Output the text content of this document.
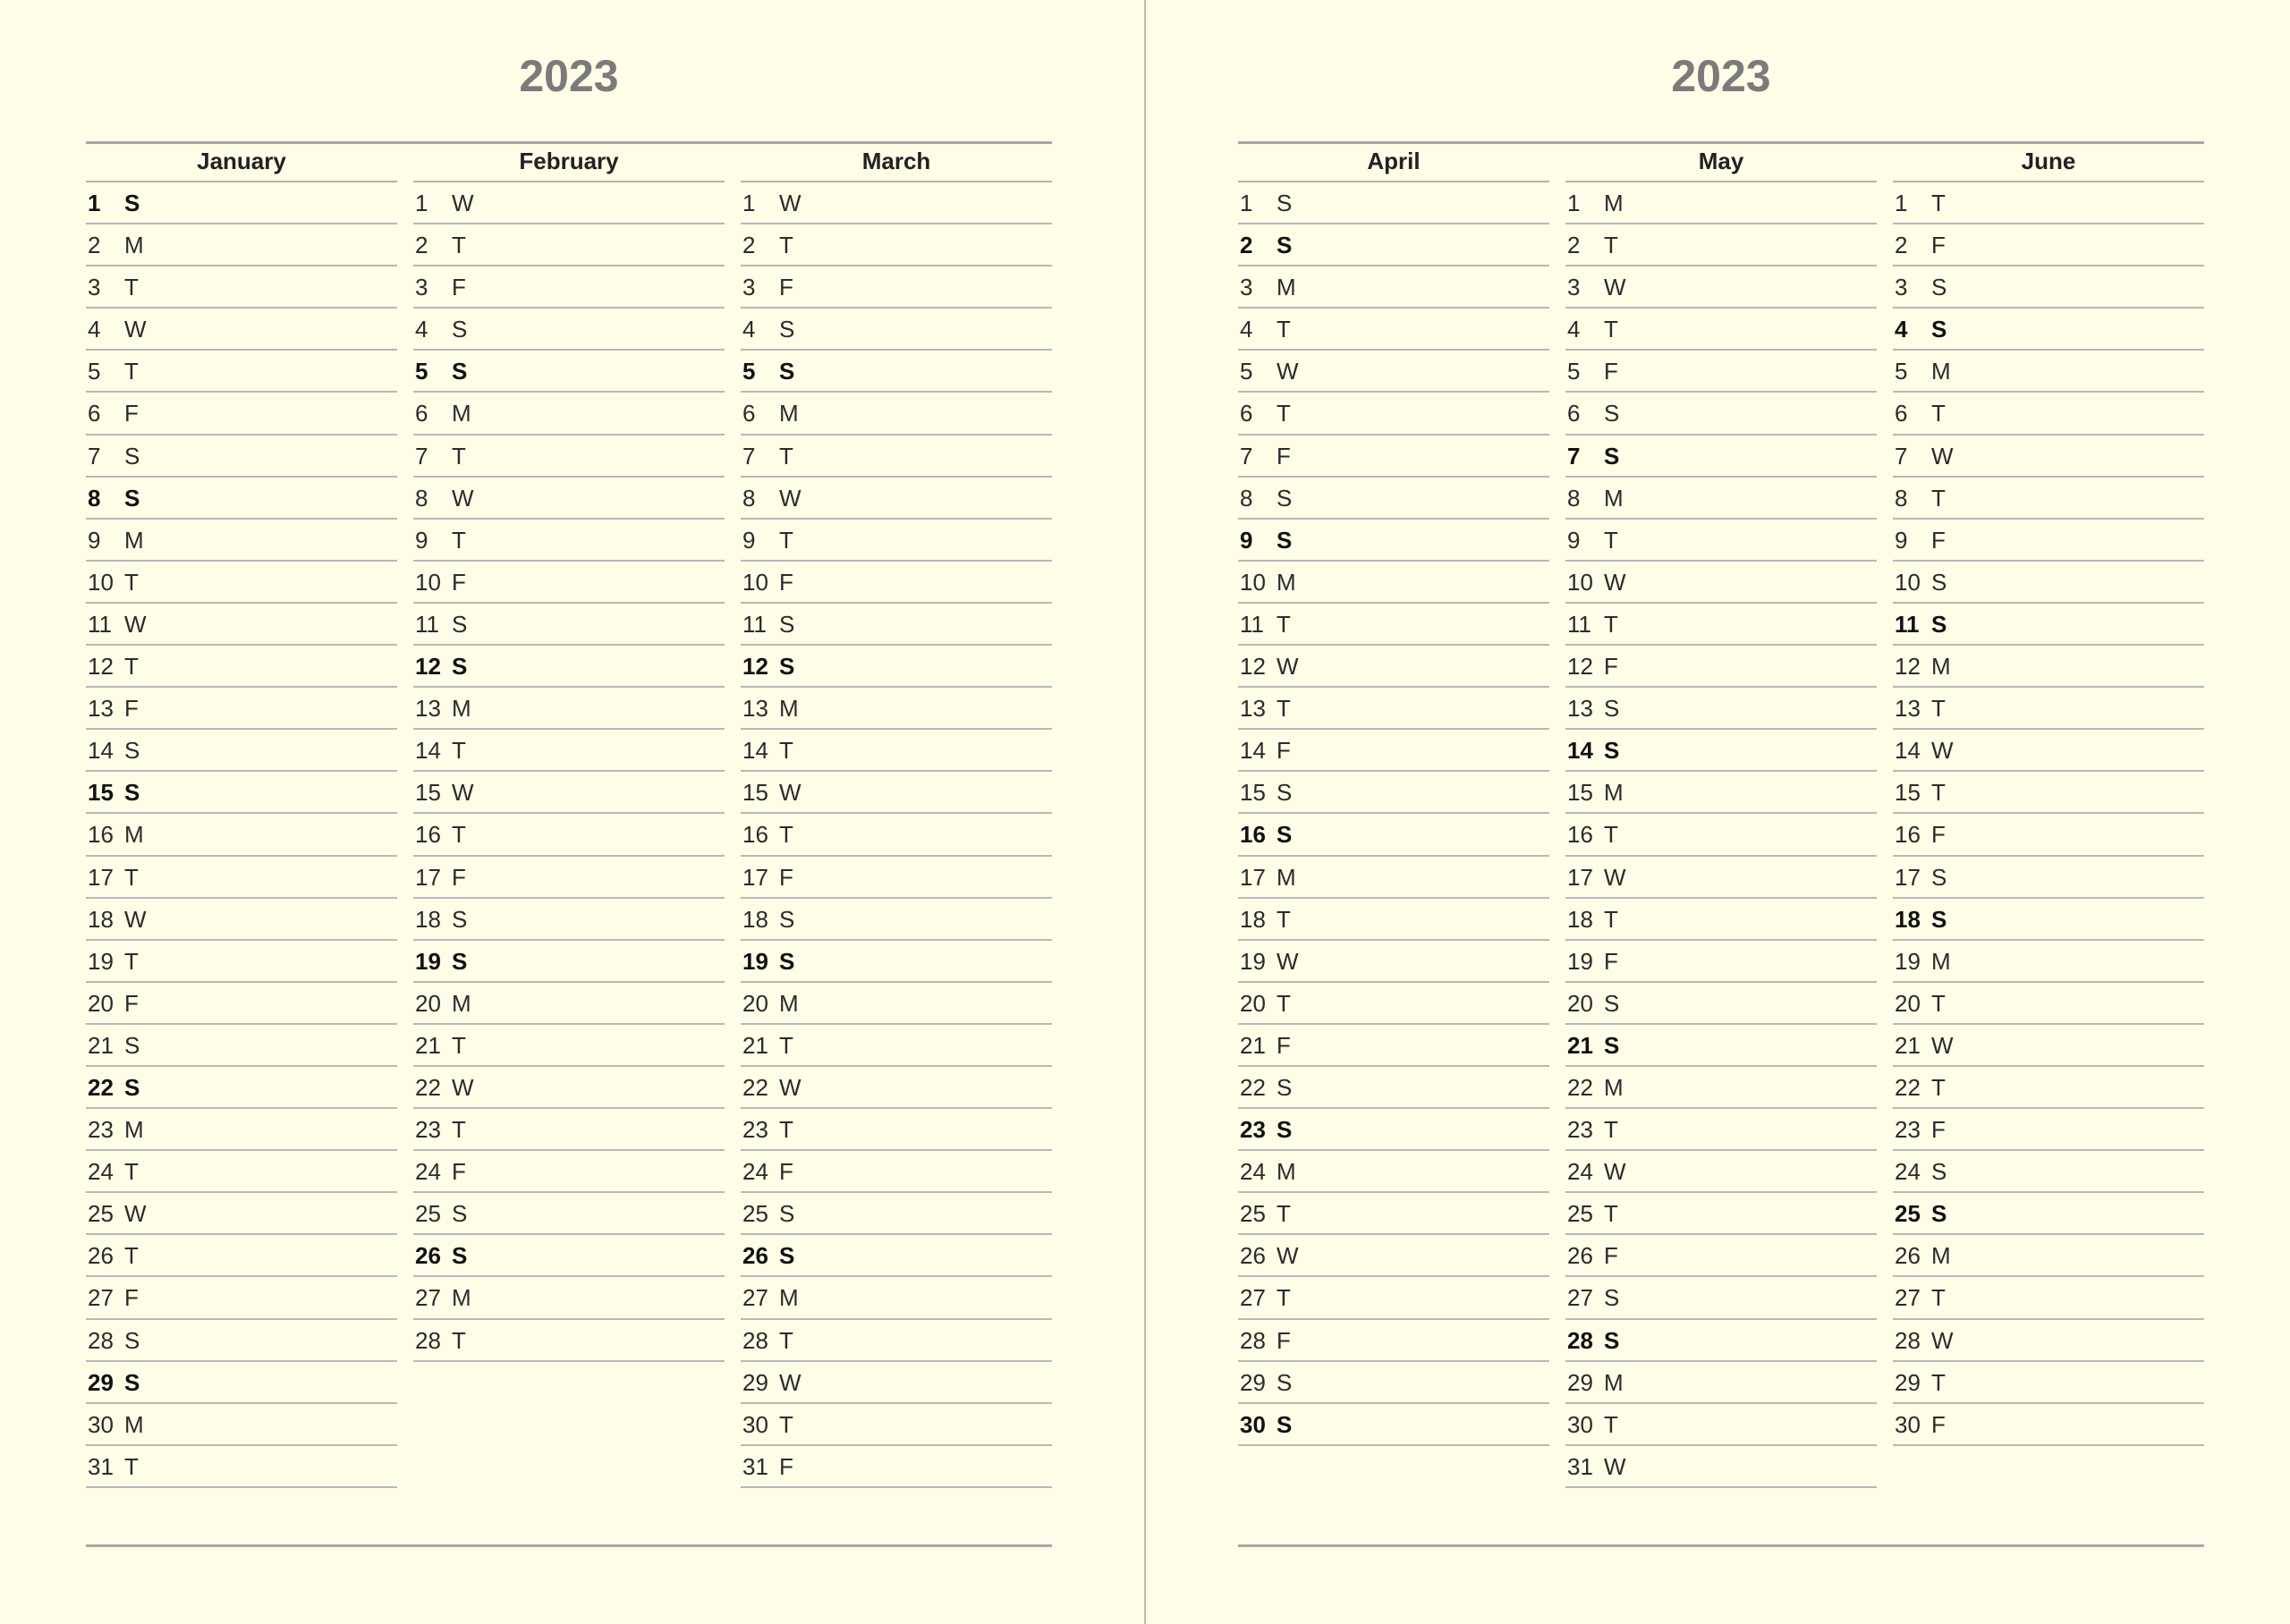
2023
January
1 S
2 M
3 T
4 W
5 T
6 F
7 S
8 S
9 M
10 T
11 W
12 T
13 F
14 S
15 S
16 M
17 T
18 W
19 T
20 F
21 S
22 S
23 M
24 T
25 W
26 T
27 F
28 S
29 S
30 M
31 T
February
1 W
2 T
3 F
4 S
5 S
6 M
7 T
8 W
9 T
10 F
11 S
12 S
13 M
14 T
15 W
16 T
17 F
18 S
19 S
20 M
21 T
22 W
23 T
24 F
25 S
26 S
27 M
28 T
March
1 W
2 T
3 F
4 S
5 S
6 M
7 T
8 W
9 T
10 F
11 S
12 S
13 M
14 T
15 W
16 T
17 F
18 S
19 S
20 M
21 T
22 W
23 T
24 F
25 S
26 S
27 M
28 T
29 W
30 T
31 F
2023
April
1 S
2 S
3 M
4 T
5 W
6 T
7 F
8 S
9 S
10 M
11 T
12 W
13 T
14 F
15 S
16 S
17 M
18 T
19 W
20 T
21 F
22 S
23 S
24 M
25 T
26 W
27 T
28 F
29 S
30 S
May
1 M
2 T
3 W
4 T
5 F
6 S
7 S
8 M
9 T
10 W
11 T
12 F
13 S
14 S
15 M
16 T
17 W
18 T
19 F
20 S
21 S
22 M
23 T
24 W
25 T
26 F
27 S
28 S
29 M
30 T
31 W
June
1 T
2 F
3 S
4 S
5 M
6 T
7 W
8 T
9 F
10 S
11 S
12 M
13 T
14 W
15 T
16 F
17 S
18 S
19 M
20 T
21 W
22 T
23 F
24 S
25 S
26 M
27 T
28 W
29 T
30 F
